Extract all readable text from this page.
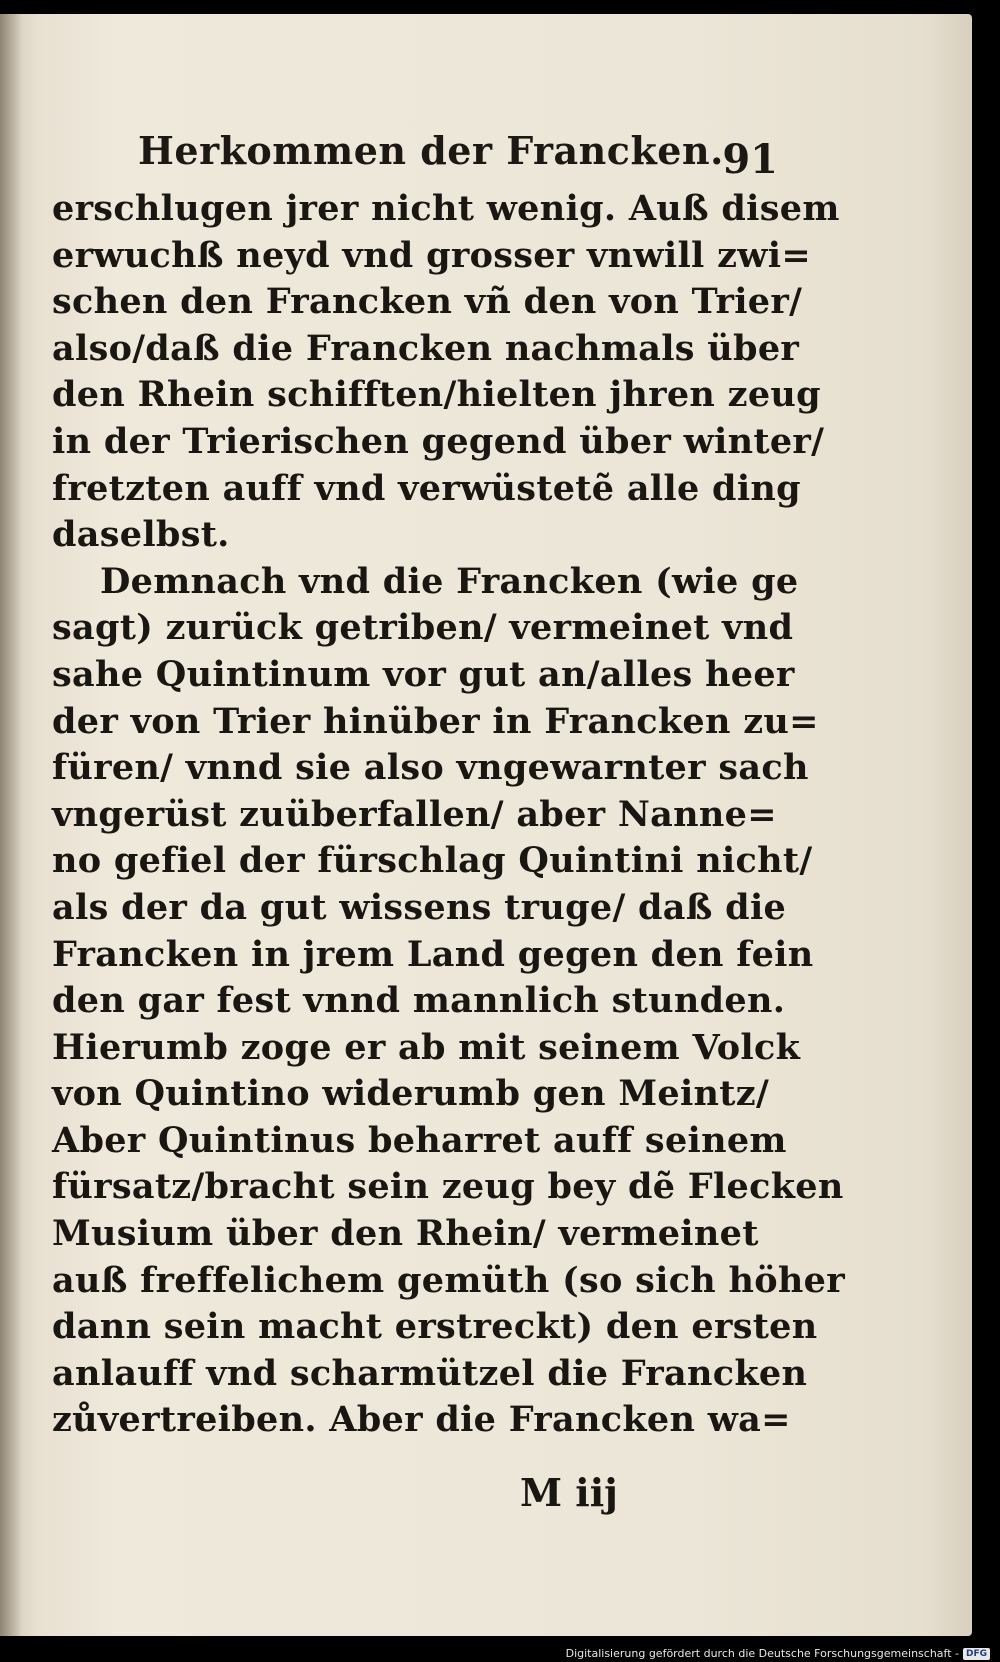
Herkommen der Francken.
91
erschlugen jrer nicht wenig. Auß disem
erwuchß neyd vnd grosser vnwill zwi=
schen den Francken vñ den von Trier/
also/daß die Francken nachmals über
den Rhein schifften/hielten jhren zeug
in der Trierischen gegend über winter/
fretzten auff vnd verwüstetẽ alle ding
daselbst.
Demnach vnd die Francken (wie ge
sagt) zurück getriben/ vermeinet vnd
sahe Quintinum vor gut an/alles heer
der von Trier hinüber in Francken zu=
füren/ vnnd sie also vngewarnter sach
vngerüst zuüberfallen/ aber Nanne=
no gefiel der fürschlag Quintini nicht/
als der da gut wissens truge/ daß die
Francken in jrem Land gegen den fein
den gar fest vnnd mannlich stunden.
Hierumb zoge er ab mit seinem Volck
von Quintino widerumb gen Meintz/
Aber Quintinus beharret auff seinem
fürsatz/bracht sein zeug bey dẽ Flecken
Musium über den Rhein/ vermeinet
auß freffelichem gemüth (so sich höher
dann sein macht erstreckt) den ersten
anlauff vnd scharmützel die Francken
zůvertreiben. Aber die Francken wa=
M iij
Digitalisierung gefördert durch die Deutsche Forschungsgemeinschaft - DFG
